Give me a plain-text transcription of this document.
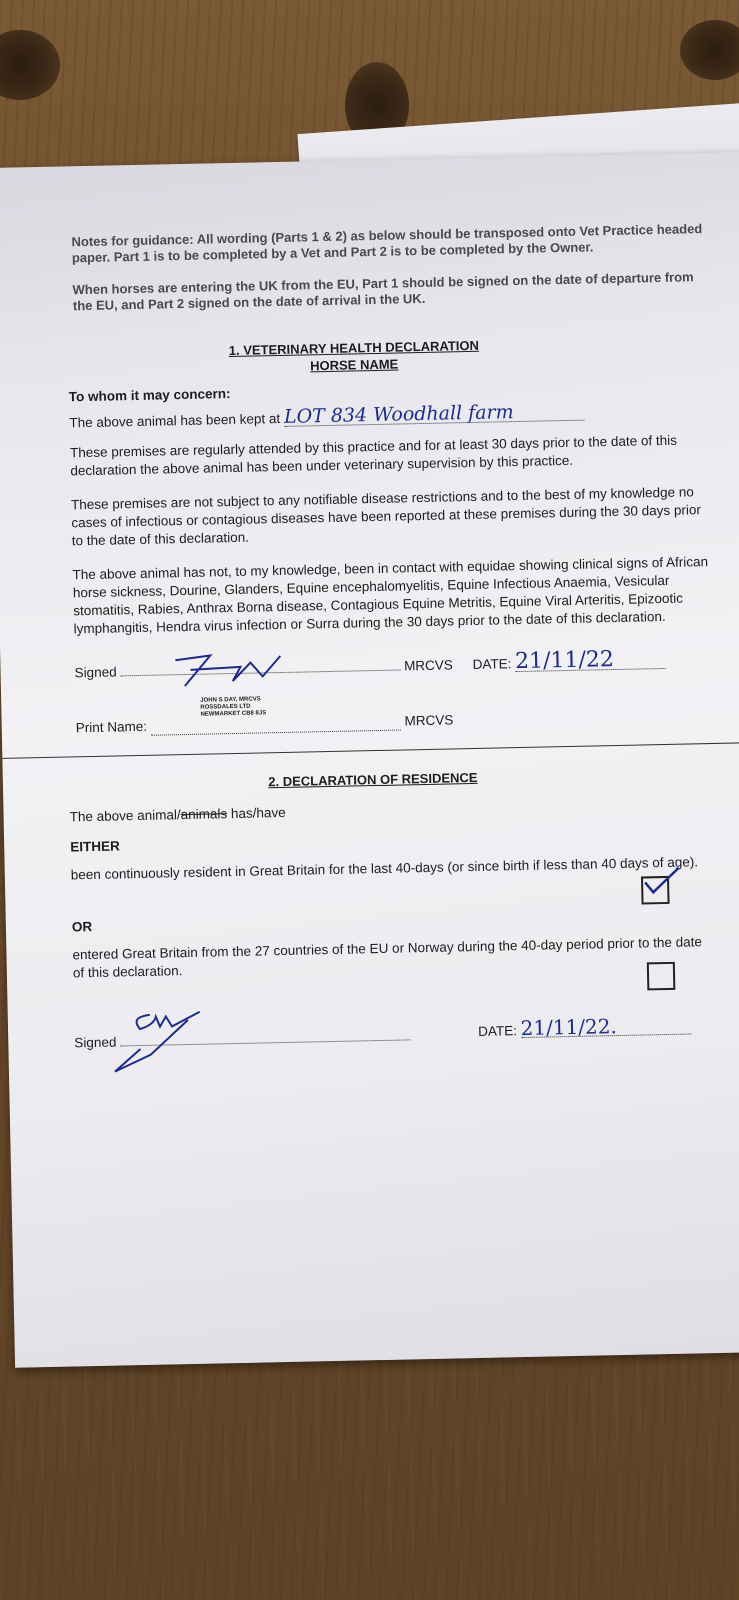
Notes for guidance: All wording (Parts 1 & 2) as below should be transposed onto Vet Practice headed paper. Part 1 is to be completed by a Vet and Part 2 is to be completed by the Owner.

When horses are entering the UK from the EU, Part 1 should be signed on the date of departure from the EU, and Part 2 signed on the date of arrival in the UK.

1. VETERINARY HEALTH DECLARATION
HORSE NAME
To whom it may concern:
The above animal has been kept at LOT 834 Woodhall farm
These premises are regularly attended by this practice and for at least 30 days prior to the date of this declaration the above animal has been under veterinary supervision by this practice.
These premises are not subject to any notifiable disease restrictions and to the best of my knowledge no cases of infectious or contagious diseases have been reported at these premises during the 30 days prior to the date of this declaration.
The above animal has not, to my knowledge, been in contact with equidae showing clinical signs of African horse sickness, Dourine, Glanders, Equine encephalomyelitis, Equine Infectious Anaemia, Vesicular stomatitis, Rabies, Anthrax Borna disease, Contagious Equine Metritis, Equine Viral Arteritis, Epizootic lymphangitis, Hendra virus infection or Surra during the 30 days prior to the date of this declaration.
Signed	MRCVS DATE: 21/11/22
Print Name:
JOHN S DAY, MRCVS
ROSSDALES LTD
NEWMARKET CB8 8JS	MRCVS
2. DECLARATION OF RESIDENCE
The above animal/animals has/have
EITHER
been continuously resident in Great Britain for the last 40-days (or since birth if less than 40 days of age).
OR
entered Great Britain from the 27 countries of the EU or Norway during the 40-day period prior to the date of this declaration.
Signed
DATE: 21/11/22.
